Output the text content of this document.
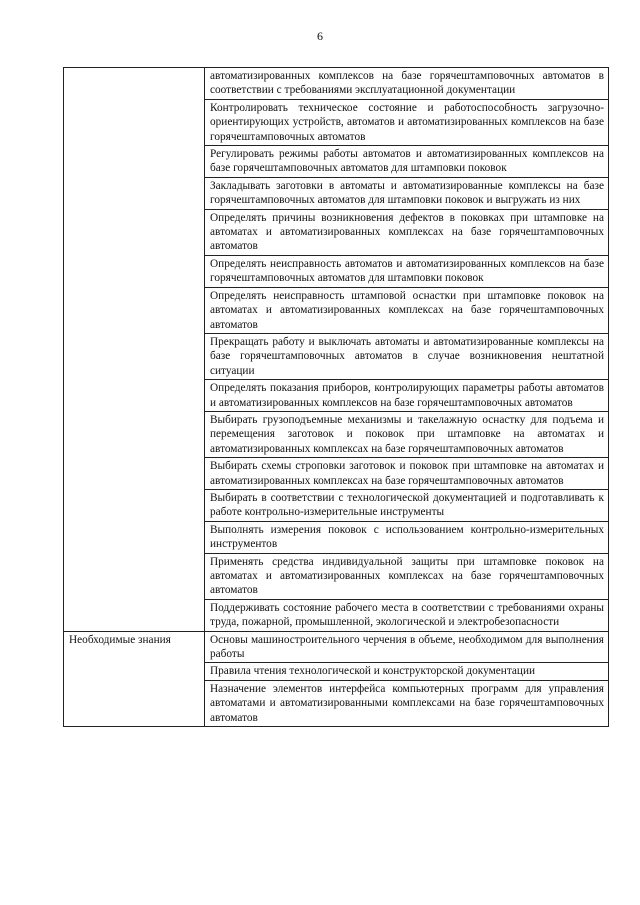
6
	автоматизированных комплексов на базе горячештамповочных автоматов в соответствии с требованиями эксплуатационной документации
	Контролировать техническое состояние и работоспособность загрузочно-ориентирующих устройств, автоматов и автоматизированных комплексов на базе горячештамповочных автоматов
	Регулировать режимы работы автоматов и автоматизированных комплексов на базе горячештамповочных автоматов для штамповки поковок
	Закладывать заготовки в автоматы и автоматизированные комплексы на базе горячештамповочных автоматов для штамповки поковок и выгружать из них
	Определять причины возникновения дефектов в поковках при штамповке на автоматах и автоматизированных комплексах на базе горячештамповочных автоматов
	Определять неисправность автоматов и автоматизированных комплексов на базе горячештамповочных автоматов для штамповки поковок
	Определять неисправность штамповой оснастки при штамповке поковок на автоматах и автоматизированных комплексах на базе горячештамповочных автоматов
	Прекращать работу и выключать автоматы и автоматизированные комплексы на базе горячештамповочных автоматов в случае возникновения нештатной ситуации
	Определять показания приборов, контролирующих параметры работы автоматов и автоматизированных комплексов на базе горячештамповочных автоматов
	Выбирать грузоподъемные механизмы и такелажную оснастку для подъема и перемещения заготовок и поковок при штамповке на автоматах и автоматизированных комплексах на базе горячештамповочных автоматов
	Выбирать схемы строповки заготовок и поковок при штамповке на автоматах и автоматизированных комплексах на базе горячештамповочных автоматов
	Выбирать в соответствии с технологической документацией и подготавливать к работе контрольно-измерительные инструменты
	Выполнять измерения поковок с использованием контрольно-измерительных инструментов
	Применять средства индивидуальной защиты при штамповке поковок на автоматах и автоматизированных комплексах на базе горячештамповочных автоматов
	Поддерживать состояние рабочего места в соответствии с требованиями охраны труда, пожарной, промышленной, экологической и электробезопасности

Необходимые знания	Основы машиностроительного черчения в объеме, необходимом для выполнения работы
	Правила чтения технологической и конструкторской документации
	Назначение элементов интерфейса компьютерных программ для управления автоматами и автоматизированными комплексами на базе горячештамповочных автоматов
